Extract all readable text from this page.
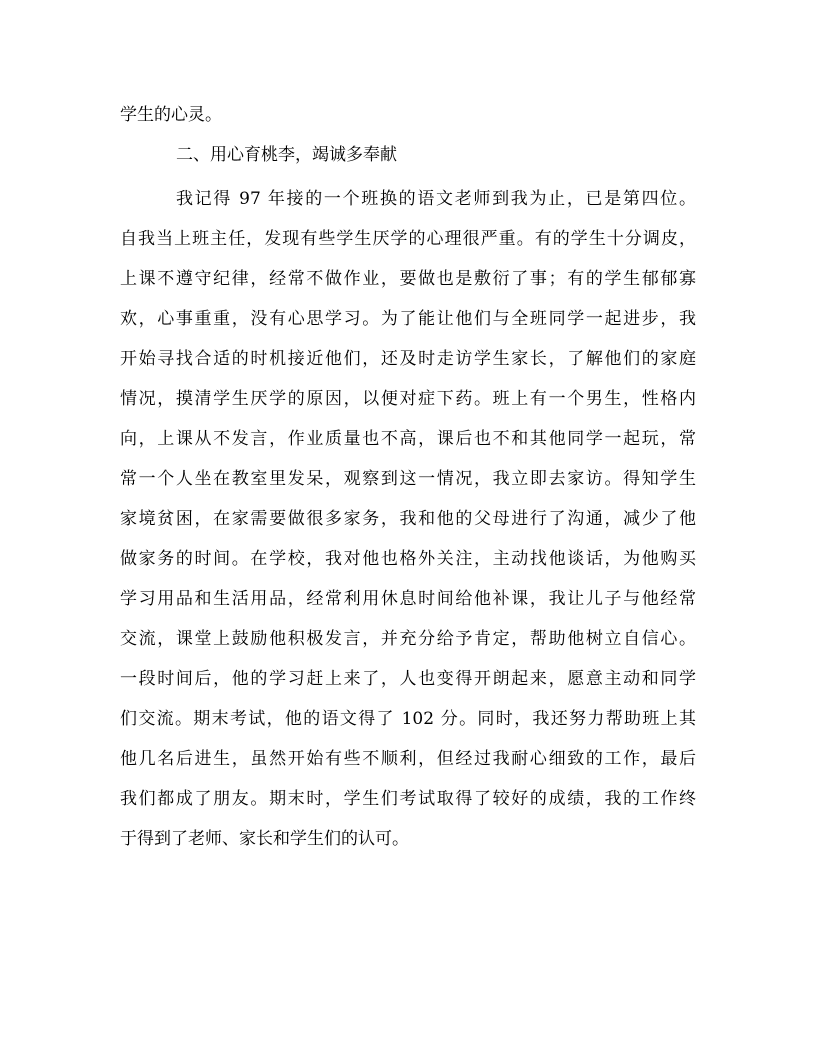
学生的心灵。
二、用心育桃李，竭诚多奉献
我记得 97 年接的一个班换的语文老师到我为止，已是第四位。
自我当上班主任，发现有些学生厌学的心理很严重。有的学生十分调皮，
上课不遵守纪律，经常不做作业，要做也是敷衍了事；有的学生郁郁寡
欢，心事重重，没有心思学习。为了能让他们与全班同学一起进步，我
开始寻找合适的时机接近他们，还及时走访学生家长，了解他们的家庭
情况，摸清学生厌学的原因，以便对症下药。班上有一个男生，性格内
向，上课从不发言，作业质量也不高，课后也不和其他同学一起玩，常
常一个人坐在教室里发呆，观察到这一情况，我立即去家访。得知学生
家境贫困，在家需要做很多家务，我和他的父母进行了沟通，减少了他
做家务的时间。在学校，我对他也格外关注，主动找他谈话，为他购买
学习用品和生活用品，经常利用休息时间给他补课，我让儿子与他经常
交流，课堂上鼓励他积极发言，并充分给予肯定，帮助他树立自信心。
一段时间后，他的学习赶上来了，人也变得开朗起来，愿意主动和同学
们交流。期末考试，他的语文得了 102 分。同时，我还努力帮助班上其
他几名后进生，虽然开始有些不顺利，但经过我耐心细致的工作，最后
我们都成了朋友。期末时，学生们考试取得了较好的成绩，我的工作终
于得到了老师、家长和学生们的认可。
